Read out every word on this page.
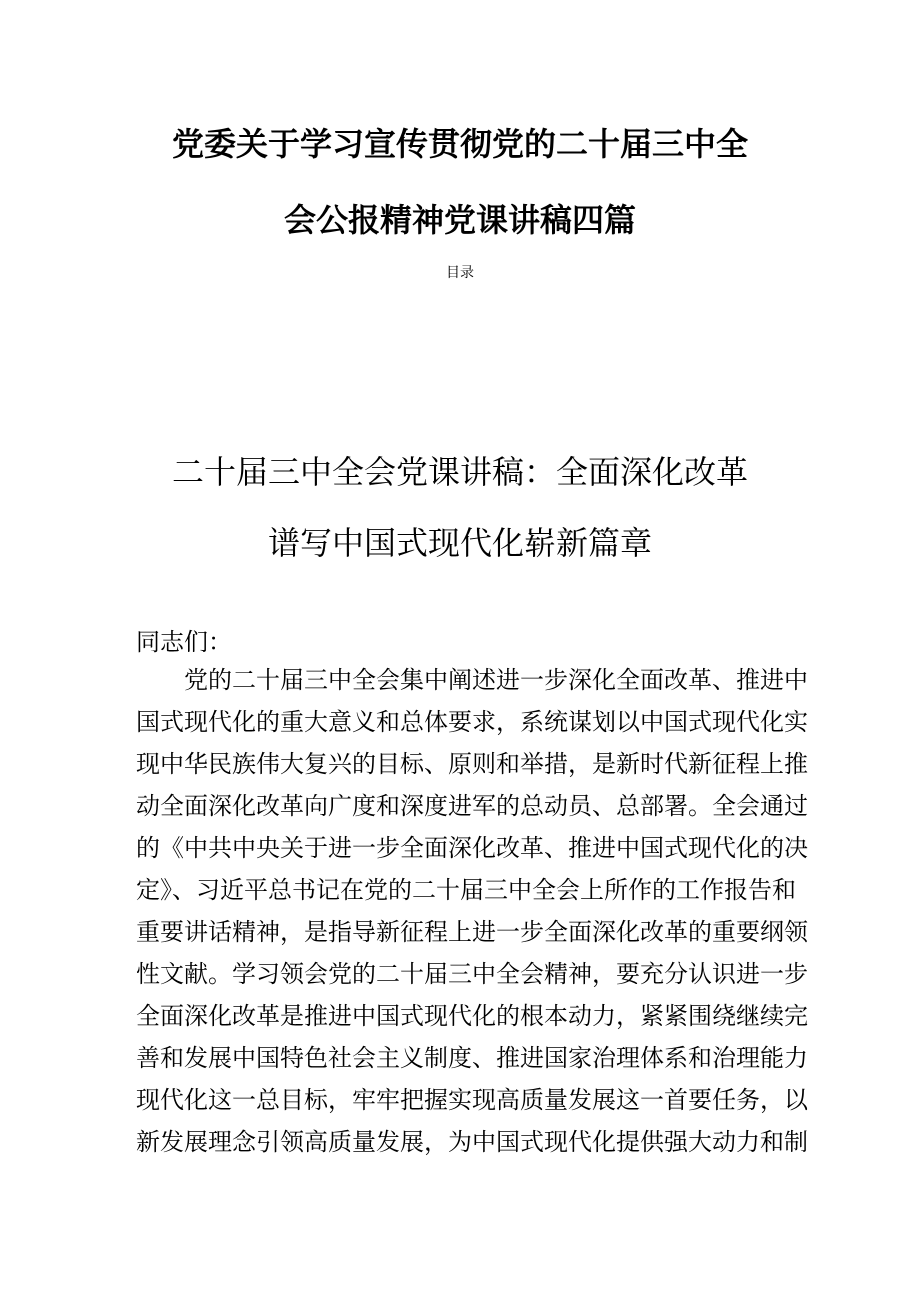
党委关于学习宣传贯彻党的二十届三中全
会公报精神党课讲稿四篇
目录
二十届三中全会党课讲稿：全面深化改革
谱写中国式现代化崭新篇章
同志们：
党的二十届三中全会集中阐述进一步深化全面改革、推进中
国式现代化的重大意义和总体要求，系统谋划以中国式现代化实
现中华民族伟大复兴的目标、原则和举措，是新时代新征程上推
动全面深化改革向广度和深度进军的总动员、总部署。全会通过
的《中共中央关于进一步全面深化改革、推进中国式现代化的决
定》、习近平总书记在党的二十届三中全会上所作的工作报告和
重要讲话精神，是指导新征程上进一步全面深化改革的重要纲领
性文献。学习领会党的二十届三中全会精神，要充分认识进一步
全面深化改革是推进中国式现代化的根本动力，紧紧围绕继续完
善和发展中国特色社会主义制度、推进国家治理体系和治理能力
现代化这一总目标，牢牢把握实现高质量发展这一首要任务，以
新发展理念引领高质量发展，为中国式现代化提供强大动力和制
